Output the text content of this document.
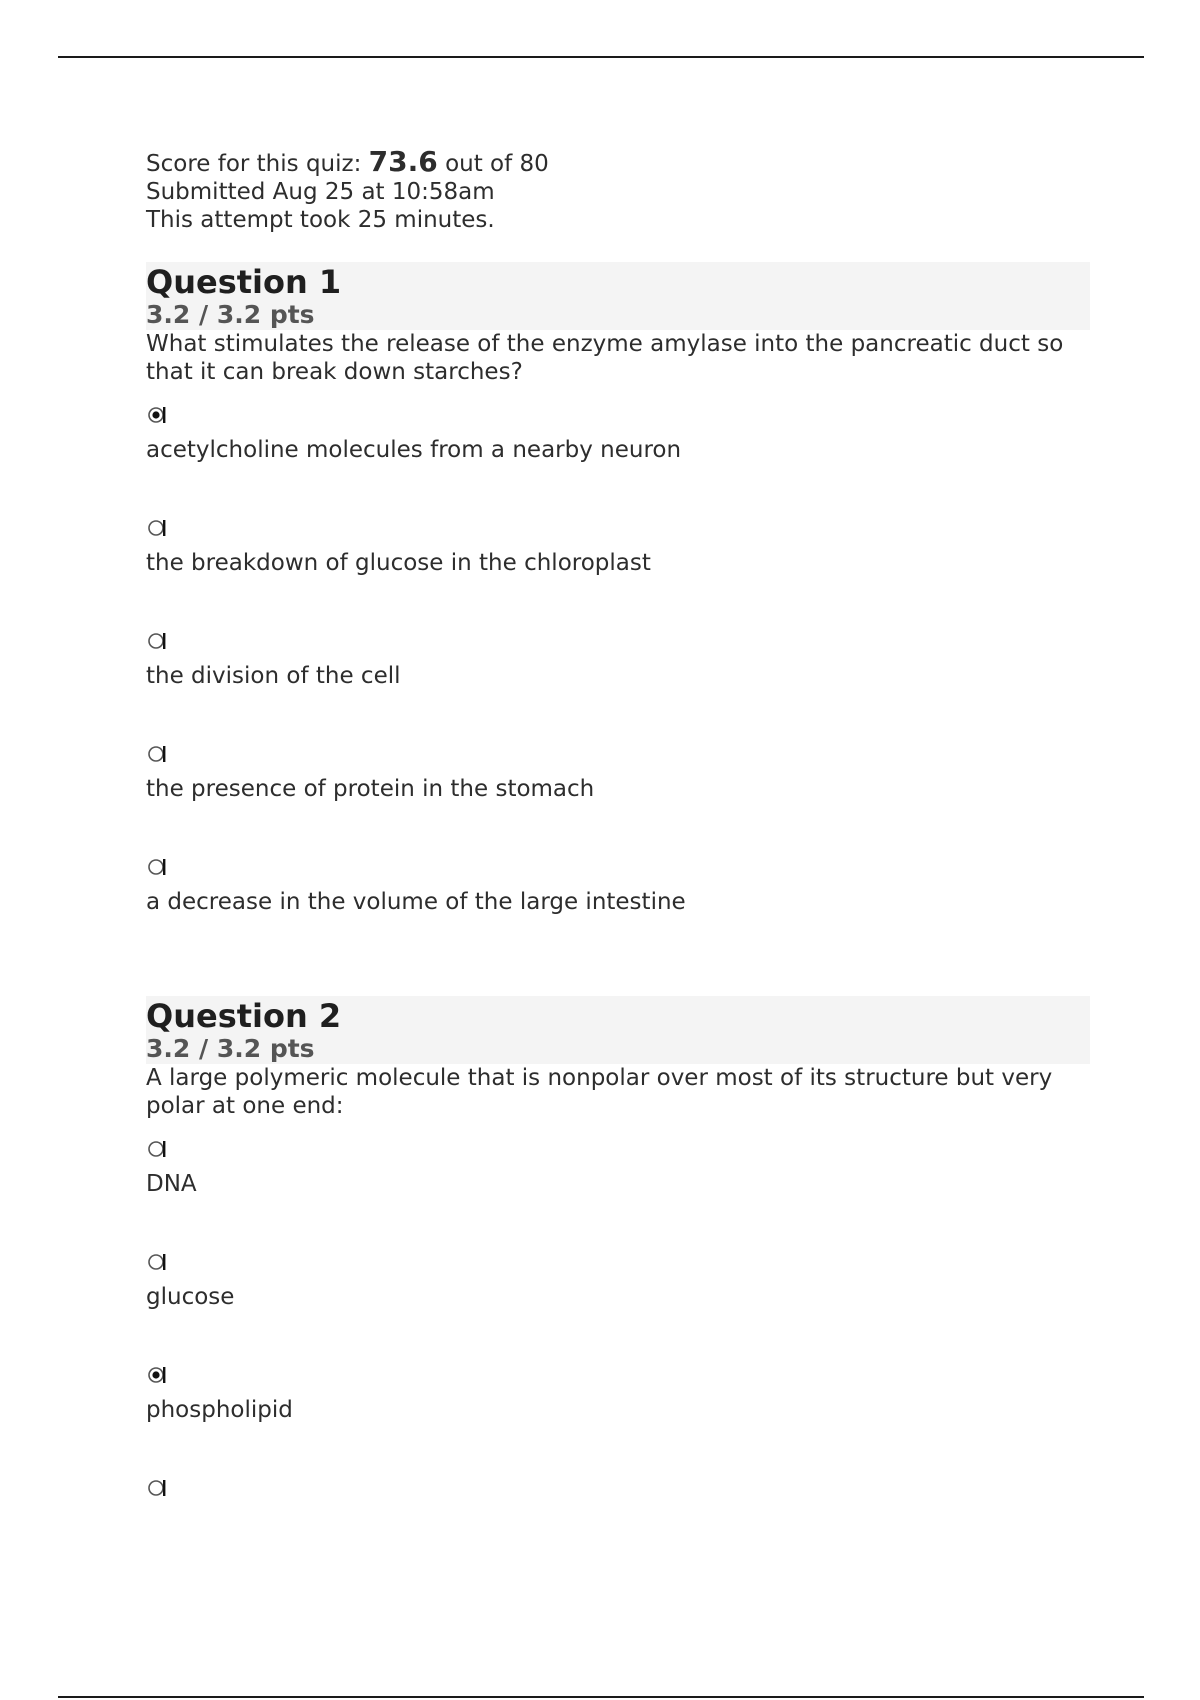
Score for this quiz: 73.6 out of 80

Submitted Aug 25 at 10:58am

This attempt took 25 minutes.

Question 1

3.2 / 3.2 pts

What stimulates the release of the enzyme amylase into the pancreatic duct so that it can break down starches?

acetylcholine molecules from a nearby neuron
the breakdown of glucose in the chloroplast
the division of the cell
the presence of protein in the stomach
a decrease in the volume of the large intestine

Question 2

3.2 / 3.2 pts

A large polymeric molecule that is nonpolar over most of its structure but very polar at one end:

DNA
glucose
phospholipid
